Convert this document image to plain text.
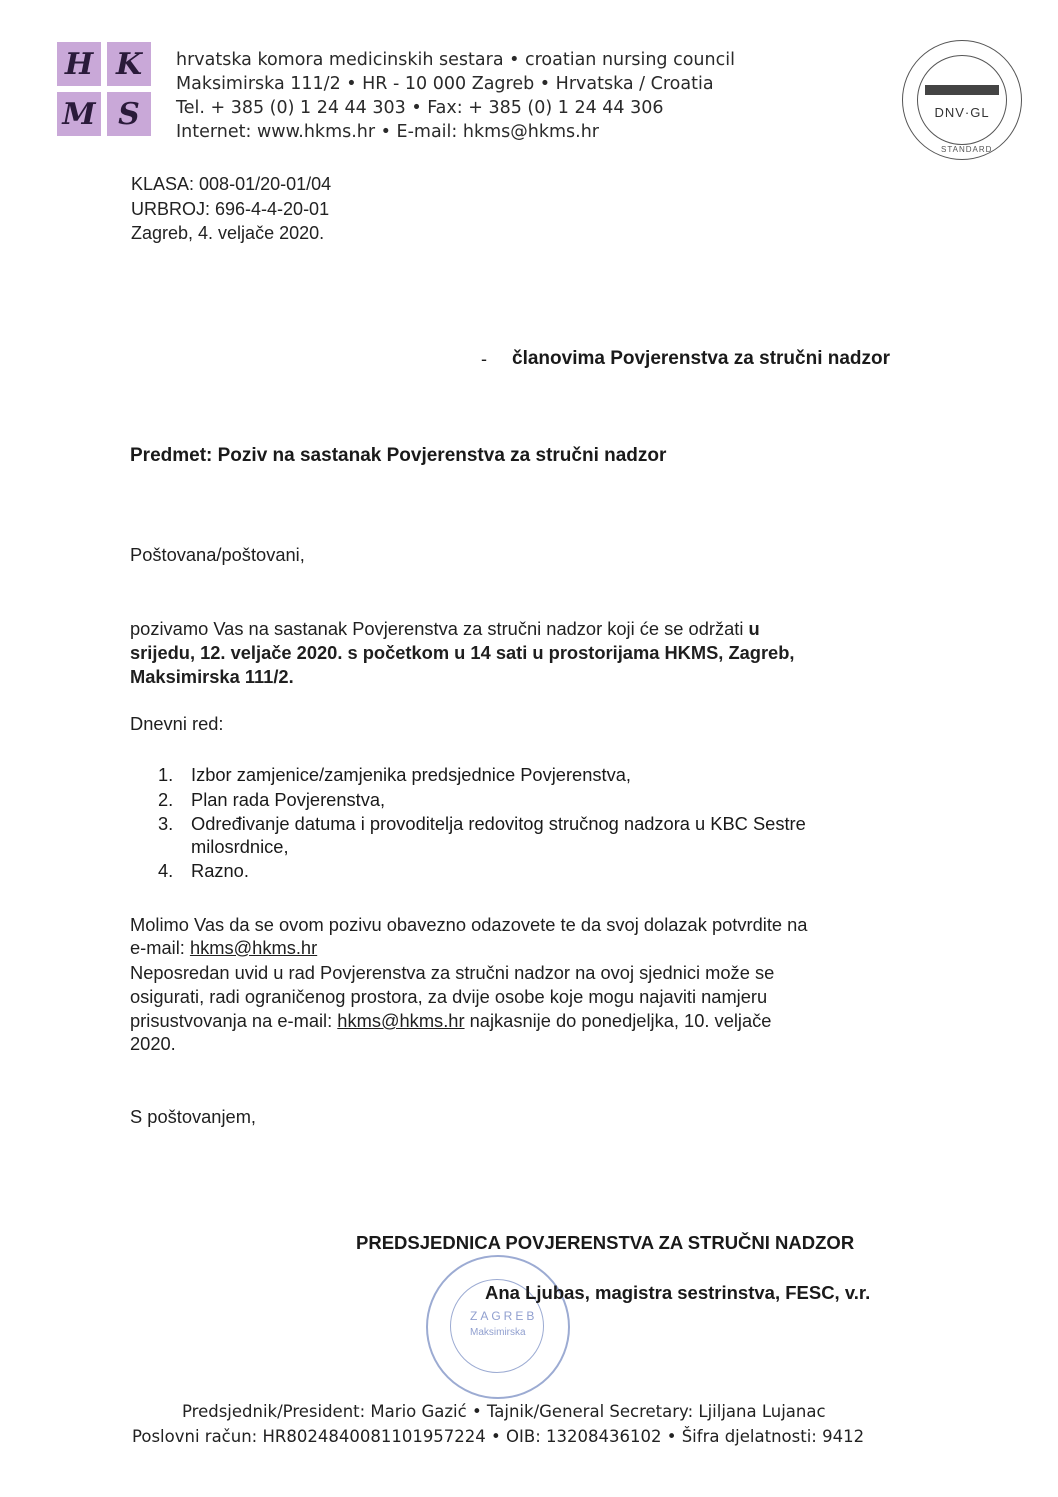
H K
M S
hrvatska komora medicinskih sestara • croatian nursing council
Maksimirska 111/2 • HR - 10 000 Zagreb • Hrvatska / Croatia
Tel. + 385 (0) 1 24 44 303 • Fax: + 385 (0) 1 24 44 306
Internet: www.hkms.hr • E-mail: hkms@hkms.hr
DNV·GL
STANDARD
KLASA: 008-01/20-01/04
URBROJ: 696-4-4-20-01
Zagreb, 4. veljače 2020.
- članovima Povjerenstva za stručni nadzor
Predmet: Poziv na sastanak Povjerenstva za stručni nadzor
Poštovana/poštovani,
pozivamo Vas na sastanak Povjerenstva za stručni nadzor koji će se održati u
srijedu, 12. veljače 2020. s početkom u 14 sati u prostorijama HKMS, Zagreb,
Maksimirska 111/2.
Dnevni red:
1. Izbor zamjenice/zamjenika predsjednice Povjerenstva,
2. Plan rada Povjerenstva,
3. Određivanje datuma i provoditelja redovitog stručnog nadzora u KBC Sestre
milosrdnice,
4. Razno.
Molimo Vas da se ovom pozivu obavezno odazovete te da svoj dolazak potvrdite na
e-mail: hkms@hkms.hr
Neposredan uvid u rad Povjerenstva za stručni nadzor na ovoj sjednici može se
osigurati, radi ograničenog prostora, za dvije osobe koje mogu najaviti namjeru
prisustvovanja na e-mail: hkms@hkms.hr najkasnije do ponedjeljka, 10. veljače
2020.
S poštovanjem,
ZAGREB
Maksimirska
PREDSJEDNICA POVJERENSTVA ZA STRUČNI NADZOR
Ana Ljubas, magistra sestrinstva, FESC, v.r.
Predsjednik/President: Mario Gazić • Tajnik/General Secretary: Ljiljana Lujanac
Poslovni račun: HR8024840081101957224 • OIB: 13208436102 • Šifra djelatnosti: 9412
